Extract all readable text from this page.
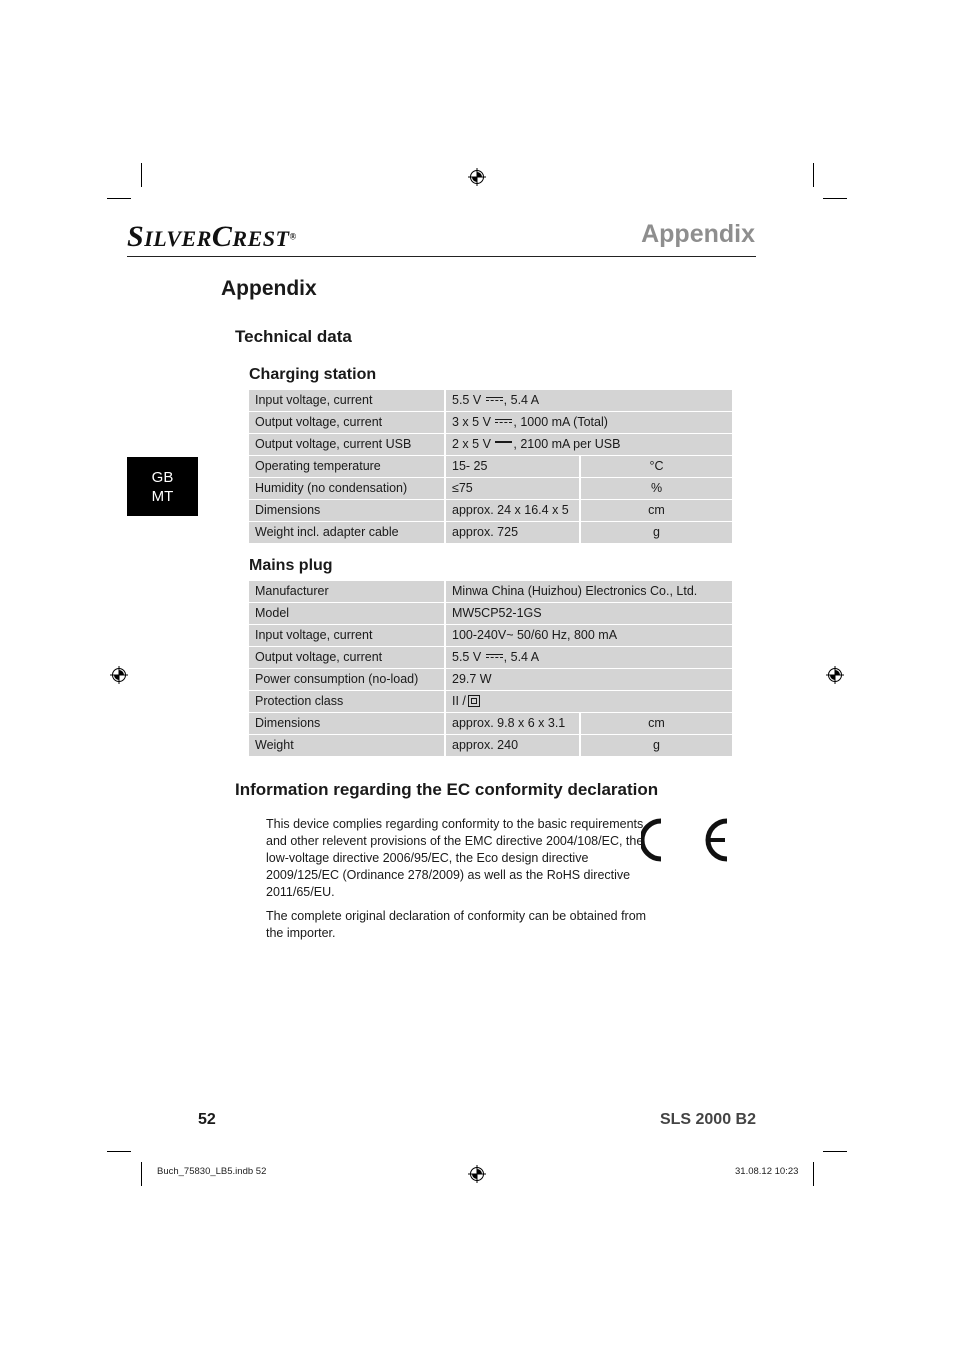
SILVERCREST®	Appendix
Appendix
Technical data
GB
MT
Charging station
Input voltage, current	5.5 V , 5.4 A
Output voltage, current	3 x 5 V , 1000 mA (Total)
Output voltage, current USB	2 x 5 V , 2100 mA per USB
Operating temperature	15- 25	°C
Humidity (no condensation)	≤75	%
Dimensions	approx. 24 x 16.4 x 5	cm
Weight incl. adapter cable	approx. 725	g
Mains plug
Manufacturer	Minwa China (Huizhou) Electronics Co., Ltd.
Model	MW5CP52-1GS
Input voltage, current	100-240V~ 50/60 Hz, 800 mA
Output voltage, current	5.5 V , 5.4 A
Power consumption (no-load)	29.7 W
Protection class	II /
Dimensions	approx. 9.8 x 6 x 3.1	cm
Weight	approx. 240	g
Information regarding the EC conformity declaration
This device complies regarding conformity to the basic requirements and other relevent provisions of the EMC directive 2004/108/EC, the low-voltage directive 2006/95/EC, the Eco design directive 2009/125/EC (Ordinance 278/2009) as well as the RoHS directive 2011/65/EU.
The complete original declaration of conformity can be obtained from the importer.
52	SLS 2000 B2
Buch_75830_LB5.indb 52	31.08.12 10:23
